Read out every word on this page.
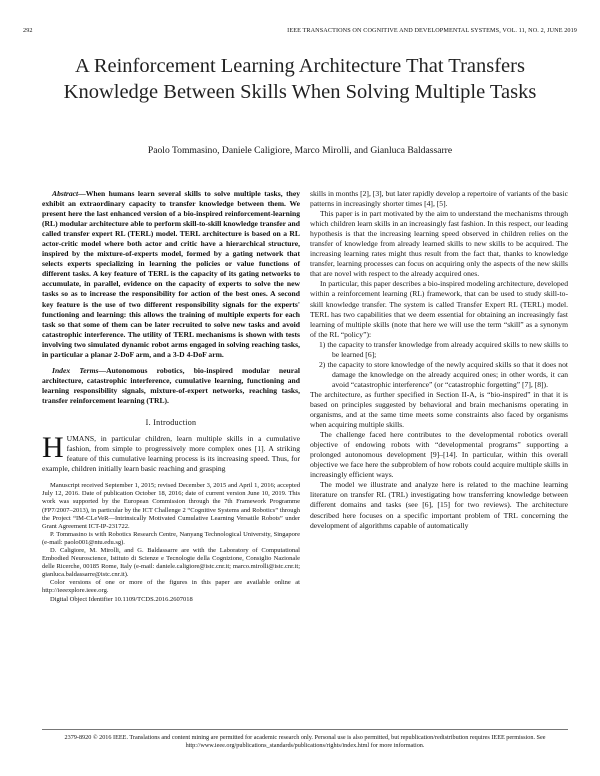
292	IEEE TRANSACTIONS ON COGNITIVE AND DEVELOPMENTAL SYSTEMS, VOL. 11, NO. 2, JUNE 2019
A Reinforcement Learning Architecture That Transfers Knowledge Between Skills When Solving Multiple Tasks
Paolo Tommasino, Daniele Caligiore, Marco Mirolli, and Gianluca Baldassarre

Abstract—When humans learn several skills to solve multiple tasks, they exhibit an extraordinary capacity to transfer knowledge between them. We present here the last enhanced version of a bio-inspired reinforcement-learning (RL) modular architecture able to perform skill-to-skill knowledge transfer and called transfer expert RL (TERL) model. TERL architecture is based on a RL actor-critic model where both actor and critic have a hierarchical structure, inspired by the mixture-of-experts model, formed by a gating network that selects experts specializing in learning the policies or value functions of different tasks. A key feature of TERL is the capacity of its gating networks to accumulate, in parallel, evidence on the capacity of experts to solve the new tasks so as to increase the responsibility for action of the best ones. A second key feature is the use of two different responsibility signals for the experts' functioning and learning: this allows the training of multiple experts for each task so that some of them can be later recruited to solve new tasks and avoid catastrophic interference. The utility of TERL mechanisms is shown with tests involving two simulated dynamic robot arms engaged in solving reaching tasks, in particular a planar 2-DoF arm, and a 3-D 4-DoF arm.

Index Terms—Autonomous robotics, bio-inspired modular neural architecture, catastrophic interference, cumulative learning, functioning and learning responsibility signals, mixture-of-expert networks, reaching tasks, transfer reinforcement learning (TRL).

I. Introduction

HUMANS, in particular children, learn multiple skills in a cumulative fashion, from simple to progressively more complex ones [1]. A striking feature of this cumulative learning process is its increasing speed. Thus, for example, children initially learn basic reaching and grasping

Manuscript received September 1, 2015; revised December 3, 2015 and April 1, 2016; accepted July 12, 2016. Date of publication October 18, 2016; date of current version June 10, 2019. This work was supported by the European Commission through the 7th Framework Programme (FP7/2007–2013), in particular by the ICT Challenge 2 “Cognitive Systems and Robotics” through the Project “IM-CLeVeR—Intrinsically Motivated Cumulative Learning Versatile Robots” under Grant Agreement ICT-IP-231722.

P. Tommasino is with Robotics Research Centre, Nanyang Technological University, Singapore (e-mail: paolo001@ntu.edu.sg).

D. Caligiore, M. Mirolli, and G. Baldassarre are with the Laboratory of Computational Embodied Neuroscience, Istituto di Scienze e Tecnologie della Cognizione, Consiglio Nazionale delle Ricerche, 00185 Rome, Italy (e-mail: daniele.caligiore@istc.cnr.it; marco.mirolli@istc.cnr.it; gianluca.baldassarre@istc.cnr.it).

Color versions of one or more of the figures in this paper are available online at http://ieeexplore.ieee.org.

Digital Object Identifier 10.1109/TCDS.2016.2607018

skills in months [2], [3], but later rapidly develop a repertoire of variants of the basic patterns in increasingly shorter times [4], [5].

This paper is in part motivated by the aim to understand the mechanisms through which children learn skills in an increasingly fast fashion. In this respect, our leading hypothesis is that the increasing learning speed observed in children relies on the transfer of knowledge from already learned skills to new skills to be acquired. The increasing learning rates might thus result from the fact that, thanks to knowledge transfer, learning processes can focus on acquiring only the aspects of the new skills that are novel with respect to the already acquired ones.

In particular, this paper describes a bio-inspired modeling architecture, developed within a reinforcement learning (RL) framework, that can be used to study skill-to-skill knowledge transfer. The system is called Transfer Expert RL (TERL) model. TERL has two capabilities that we deem essential for obtaining an increasingly fast learning of multiple skills (note that here we will use the term “skill” as a synonym of the RL “policy”):

1) the capacity to transfer knowledge from already acquired skills to new skills to be learned [6];
2) the capacity to store knowledge of the newly acquired skills so that it does not damage the knowledge on the already acquired ones; in other words, it can avoid “catastrophic interference” (or “catastrophic forgetting” [7], [8]).

The architecture, as further specified in Section II-A, is “bio-inspired” in that it is based on principles suggested by behavioral and brain mechanisms operating in organisms, and at the same time meets some constraints also faced by organisms when acquiring multiple skills.

The challenge faced here contributes to the developmental robotics overall objective of endowing robots with “developmental programs” supporting a prolonged autonomous development [9]–[14]. In particular, within this overall objective we face here the subproblem of how robots could acquire multiple skills in increasingly efficient ways.

The model we illustrate and analyze here is related to the machine learning literature on transfer RL (TRL) investigating how transferring knowledge between different domains and tasks (see [6], [15] for two reviews). The architecture described here focuses on a specific important problem of TRL concerning the development of algorithms capable of automatically

2379-8920 © 2016 IEEE. Translations and content mining are permitted for academic research only. Personal use is also permitted, but republication/redistribution requires IEEE permission. See http://www.ieee.org/publications_standards/publications/rights/index.html for more information.
